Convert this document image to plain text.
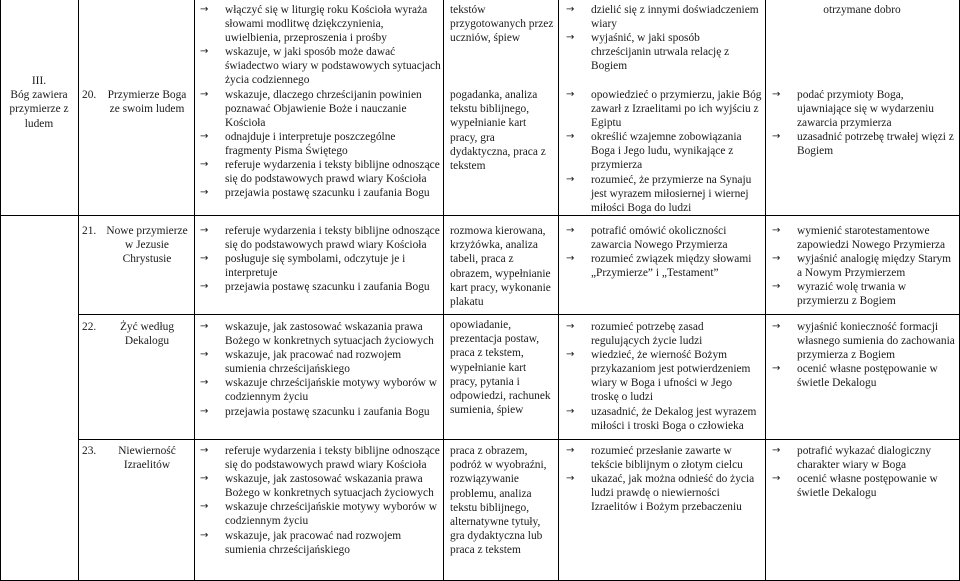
III.
Bóg zawiera przymierze z ludem
20. Przymierze Boga ze swoim ludem
→ włączyć się w liturgię roku Kościoła wyraża słowami modlitwę dziękczynienia, uwielbienia, przeproszenia i prośby
→ wskazuje, w jaki sposób może dawać świadectwo wiary w podstawowych sytuacjach życia codziennego
→ wskazuje, dlaczego chrześcijanin powinien poznawać Objawienie Boże i nauczanie Kościoła
→ odnajduje i interpretuje poszczególne fragmenty Pisma Świętego
→ referuje wydarzenia i teksty biblijne odnoszące się do podstawowych prawd wiary Kościoła
→ przejawia postawę szacunku i zaufania Bogu
tekstów przygotowanych przez uczniów, śpiew
pogadanka, analiza tekstu biblijnego, wypełnianie kart pracy, gra dydaktyczna, praca z tekstem
→ dzielić się z innymi doświadczeniem wiary
→ wyjaśnić, w jaki sposób chrześcijanin utrwala relację z Bogiem
→ opowiedzieć o przymierzu, jakie Bóg zawarł z Izraelitami po ich wyjściu z Egiptu
→ określić wzajemne zobowiązania Boga i Jego ludu, wynikające z przymierza
→ rozumieć, że przymierze na Synaju jest wyrazem miłosiernej i wiernej miłości Boga do ludzi
otrzymane dobro
→ podać przymioty Boga, ujawniające się w wydarzeniu zawarcia przymierza
→ uzasadnić potrzebę trwałej więzi z Bogiem
21. Nowe przymierze w Jezusie Chrystusie
→ referuje wydarzenia i teksty biblijne odnoszące się do podstawowych prawd wiary Kościoła
→ posługuje się symbolami, odczytuje je i interpretuje
→ przejawia postawę szacunku i zaufania Bogu
rozmowa kierowana, krzyżówka, analiza tabeli, praca z obrazem, wypełnianie kart pracy, wykonanie plakatu
→ potrafić omówić okoliczności zawarcia Nowego Przymierza
→ rozumieć związek między słowami „Przymierze” i „Testament”
→ wymienić starotestamentowe zapowiedzi Nowego Przymierza
→ wyjaśnić analogię między Starym a Nowym Przymierzem
→ wyrazić wolę trwania w przymierzu z Bogiem
22.	Żyć według Dekalogu
→ wskazuje, jak zastosować wskazania prawa Bożego w konkretnych sytuacjach życiowych
→ wskazuje, jak pracować nad rozwojem sumienia chrześcijańskiego
→ wskazuje chrześcijańskie motywy wyborów w codziennym życiu
→ przejawia postawę szacunku i zaufania Bogu
opowiadanie, prezentacja postaw, praca z tekstem, wypełnianie kart pracy, pytania i odpowiedzi, rachunek sumienia, śpiew
→ rozumieć potrzebę zasad regulujących życie ludzi
→ wiedzieć, że wierność Bożym przykazaniom jest potwierdzeniem wiary w Boga i ufności w Jego troskę o ludzi
→ uzasadnić, że Dekalog jest wyrazem miłości i troski Boga o człowieka
→ wyjaśnić konieczność formacji własnego sumienia do zachowania przymierza z Bogiem
→ ocenić własne postępowanie w świetle Dekalogu
23.	Niewierność Izraelitów
→ referuje wydarzenia i teksty biblijne odnoszące się do podstawowych prawd wiary Kościoła
→ wskazuje, jak zastosować wskazania prawa Bożego w konkretnych sytuacjach życiowych
→ wskazuje chrześcijańskie motywy wyborów w codziennym życiu
→ wskazuje, jak pracować nad rozwojem sumienia chrześcijańskiego
praca z obrazem, podróż w wyobraźni, rozwiązywanie problemu, analiza tekstu biblijnego, alternatywne tytuły, gra dydaktyczna lub praca z tekstem
→ rozumieć przesłanie zawarte w tekście biblijnym o złotym cielcu
→ ukazać, jak można odnieść do życia ludzi prawdę o niewierności Izraelitów i Bożym przebaczeniu
→ potrafić wykazać dialogiczny charakter wiary w Boga
→ ocenić własne postępowanie w świetle Dekalogu
